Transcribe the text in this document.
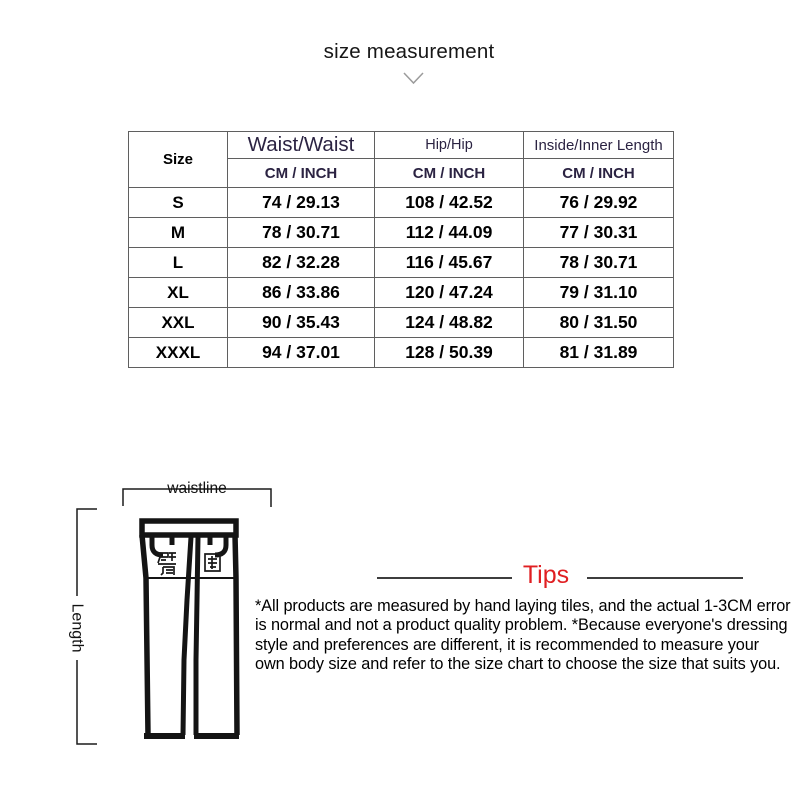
size measurement
Size	Waist/Waist	Hip/Hip	Inside/Inner Length
	CM / INCH	CM / INCH	CM / INCH
S	74 / 29.13	108 / 42.52	76 / 29.92
M	78 / 30.71	112 / 44.09	77 / 30.31
L	82 / 32.28	116 / 45.67	78 / 30.71
XL	86 / 33.86	120 / 47.24	79 / 31.10
XXL	90 / 35.43	124 / 48.82	80 / 31.50
XXXL	94 / 37.01	128 / 50.39	81 / 31.89
waistline
Length
Tips
*All products are measured by hand laying tiles, and the actual 1-3CM error
is normal and not a product quality problem. *Because everyone's dressing
style and preferences are different, it is recommended to measure your
own body size and refer to the size chart to choose the size that suits you.
